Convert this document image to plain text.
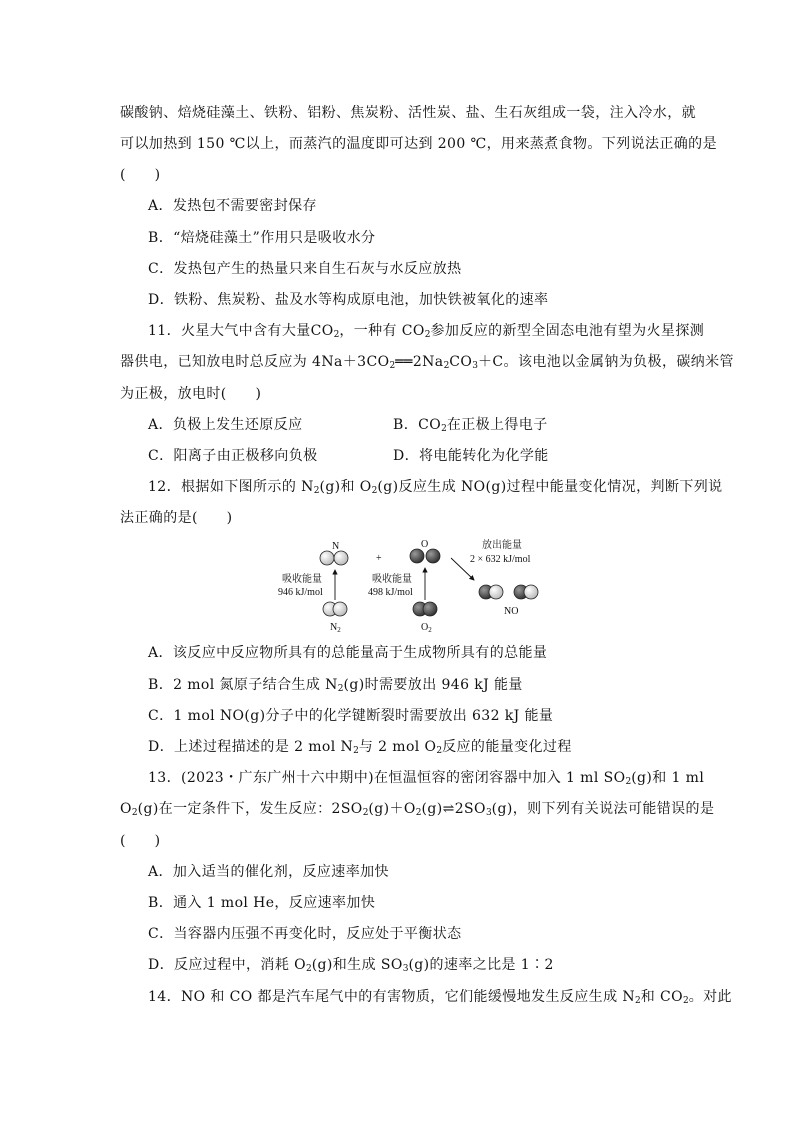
碳酸钠、焙烧硅藻土、铁粉、铝粉、焦炭粉、活性炭、盐、生石灰组成一袋，注入冷水，就
可以加热到 150 ℃以上，而蒸汽的温度即可达到 200 ℃，用来蒸煮食物。下列说法正确的是
(　　)
A．发热包不需要密封保存
B．“焙烧硅藻土”作用只是吸收水分
C．发热包产生的热量只来自生石灰与水反应放热
D．铁粉、焦炭粉、盐及水等构成原电池，加快铁被氧化的速率
11．火星大气中含有大量$CO_2$，一种有 $CO_2$参加反应的新型全固态电池有望为火星探测
器供电，已知放电时总反应为 $4Na+3CO_2══2Na_2CO_3+C$。该电池以金属钠为负极，碳纳米管
为正极，放电时(　　)
A．负极上发生还原反应	B．$CO_2$在正极上得电子
C．阳离子由正极移向负极	D．将电能转化为化学能
12．根据如下图所示的 $N_2(g)$和 $O_2(g)$反应生成 NO(g)过程中能量变化情况，判断下列说
法正确的是(　　)
N
吸收能量
946 kJ/mol
$N_2$
+
O
吸收能量
498 kJ/mol
$O_2$
放出能量
2 × 632 kJ/mol
NO
A．该反应中反应物所具有的总能量高于生成物所具有的总能量
B．2 mol 氮原子结合生成 $N_2(g)$时需要放出 946 kJ 能量
C．1 mol NO(g)分子中的化学键断裂时需要放出 632 kJ 能量
D．上述过程描述的是 2 mol $N_2$与 2 mol $O_2$反应的能量变化过程
13．(2023・广东广州十六中期中)在恒温恒容的密闭容器中加入 1 ml $SO_2(g)$和 1 ml
$O_2(g)$在一定条件下，发生反应：$2SO_2(g)+O_2(g)\rightleftharpoons 2SO_3(g)$，则下列有关说法可能错误的是
(　　)
A．加入适当的催化剂，反应速率加快
B．通入 1 mol He，反应速率加快
C．当容器内压强不再变化时，反应处于平衡状态
D．反应过程中，消耗 $O_2(g)$和生成 $SO_3(g)$的速率之比是 1∶2
14．NO 和 CO 都是汽车尾气中的有害物质，它们能缓慢地发生反应生成 $N_2$和 $CO_2$。对此
